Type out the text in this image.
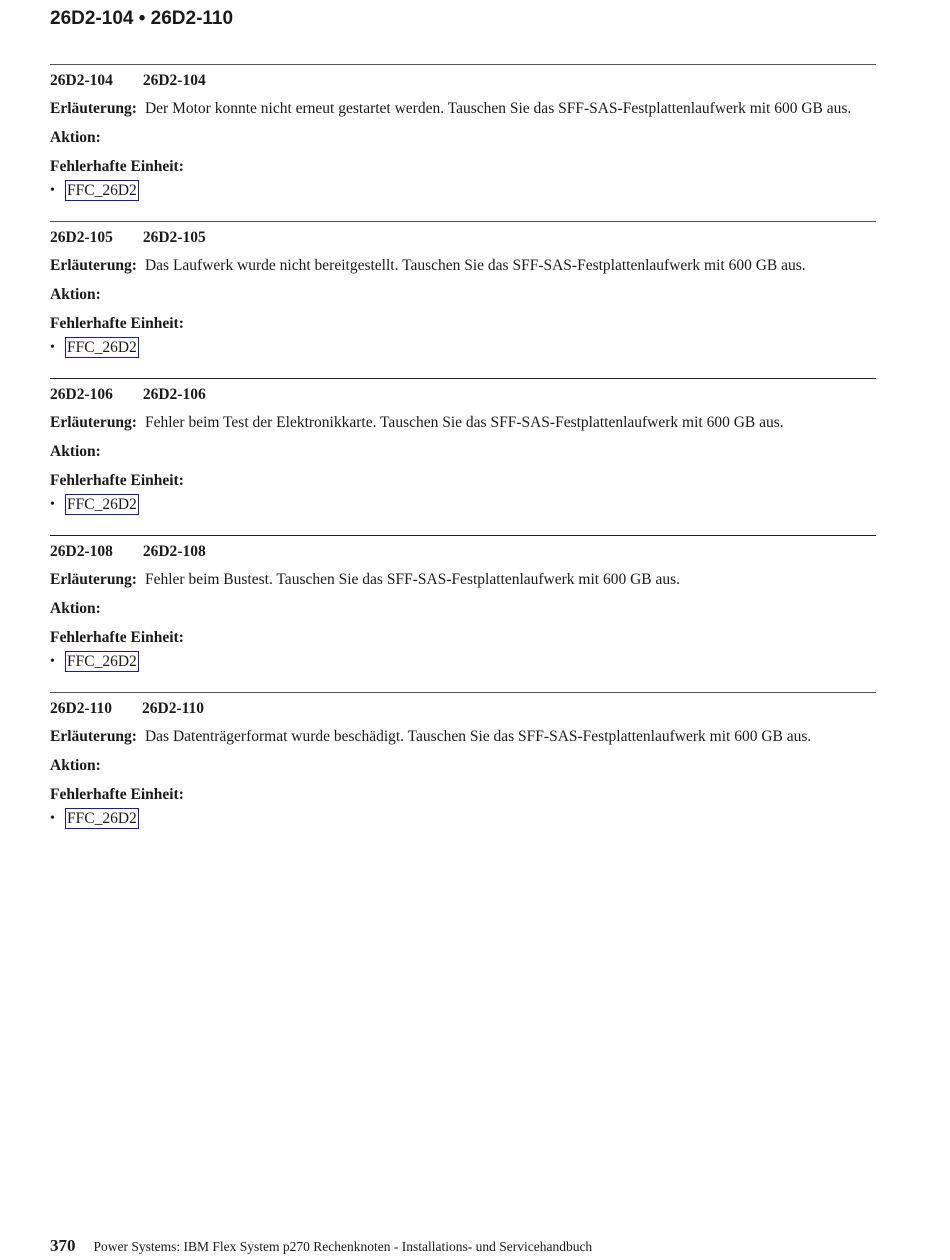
26D2-104 • 26D2-110
26D2-104 26D2-104
Erläuterung: Der Motor konnte nicht erneut gestartet werden. Tauschen Sie das SFF-SAS-Festplattenlaufwerk mit 600 GB aus.
Aktion:
Fehlerhafte Einheit:
• FFC_26D2
26D2-105 26D2-105
Erläuterung: Das Laufwerk wurde nicht bereitgestellt. Tauschen Sie das SFF-SAS-Festplattenlaufwerk mit 600 GB aus.
Aktion:
Fehlerhafte Einheit:
• FFC_26D2
26D2-106 26D2-106
Erläuterung: Fehler beim Test der Elektronikkarte. Tauschen Sie das SFF-SAS-Festplattenlaufwerk mit 600 GB aus.
Aktion:
Fehlerhafte Einheit:
• FFC_26D2
26D2-108 26D2-108
Erläuterung: Fehler beim Bustest. Tauschen Sie das SFF-SAS-Festplattenlaufwerk mit 600 GB aus.
Aktion:
Fehlerhafte Einheit:
• FFC_26D2
26D2-110 26D2-110
Erläuterung: Das Datenträgerformat wurde beschädigt. Tauschen Sie das SFF-SAS-Festplattenlaufwerk mit 600 GB aus.
Aktion:
Fehlerhafte Einheit:
• FFC_26D2
370 Power Systems: IBM Flex System p270 Rechenknoten - Installations- und Servicehandbuch
